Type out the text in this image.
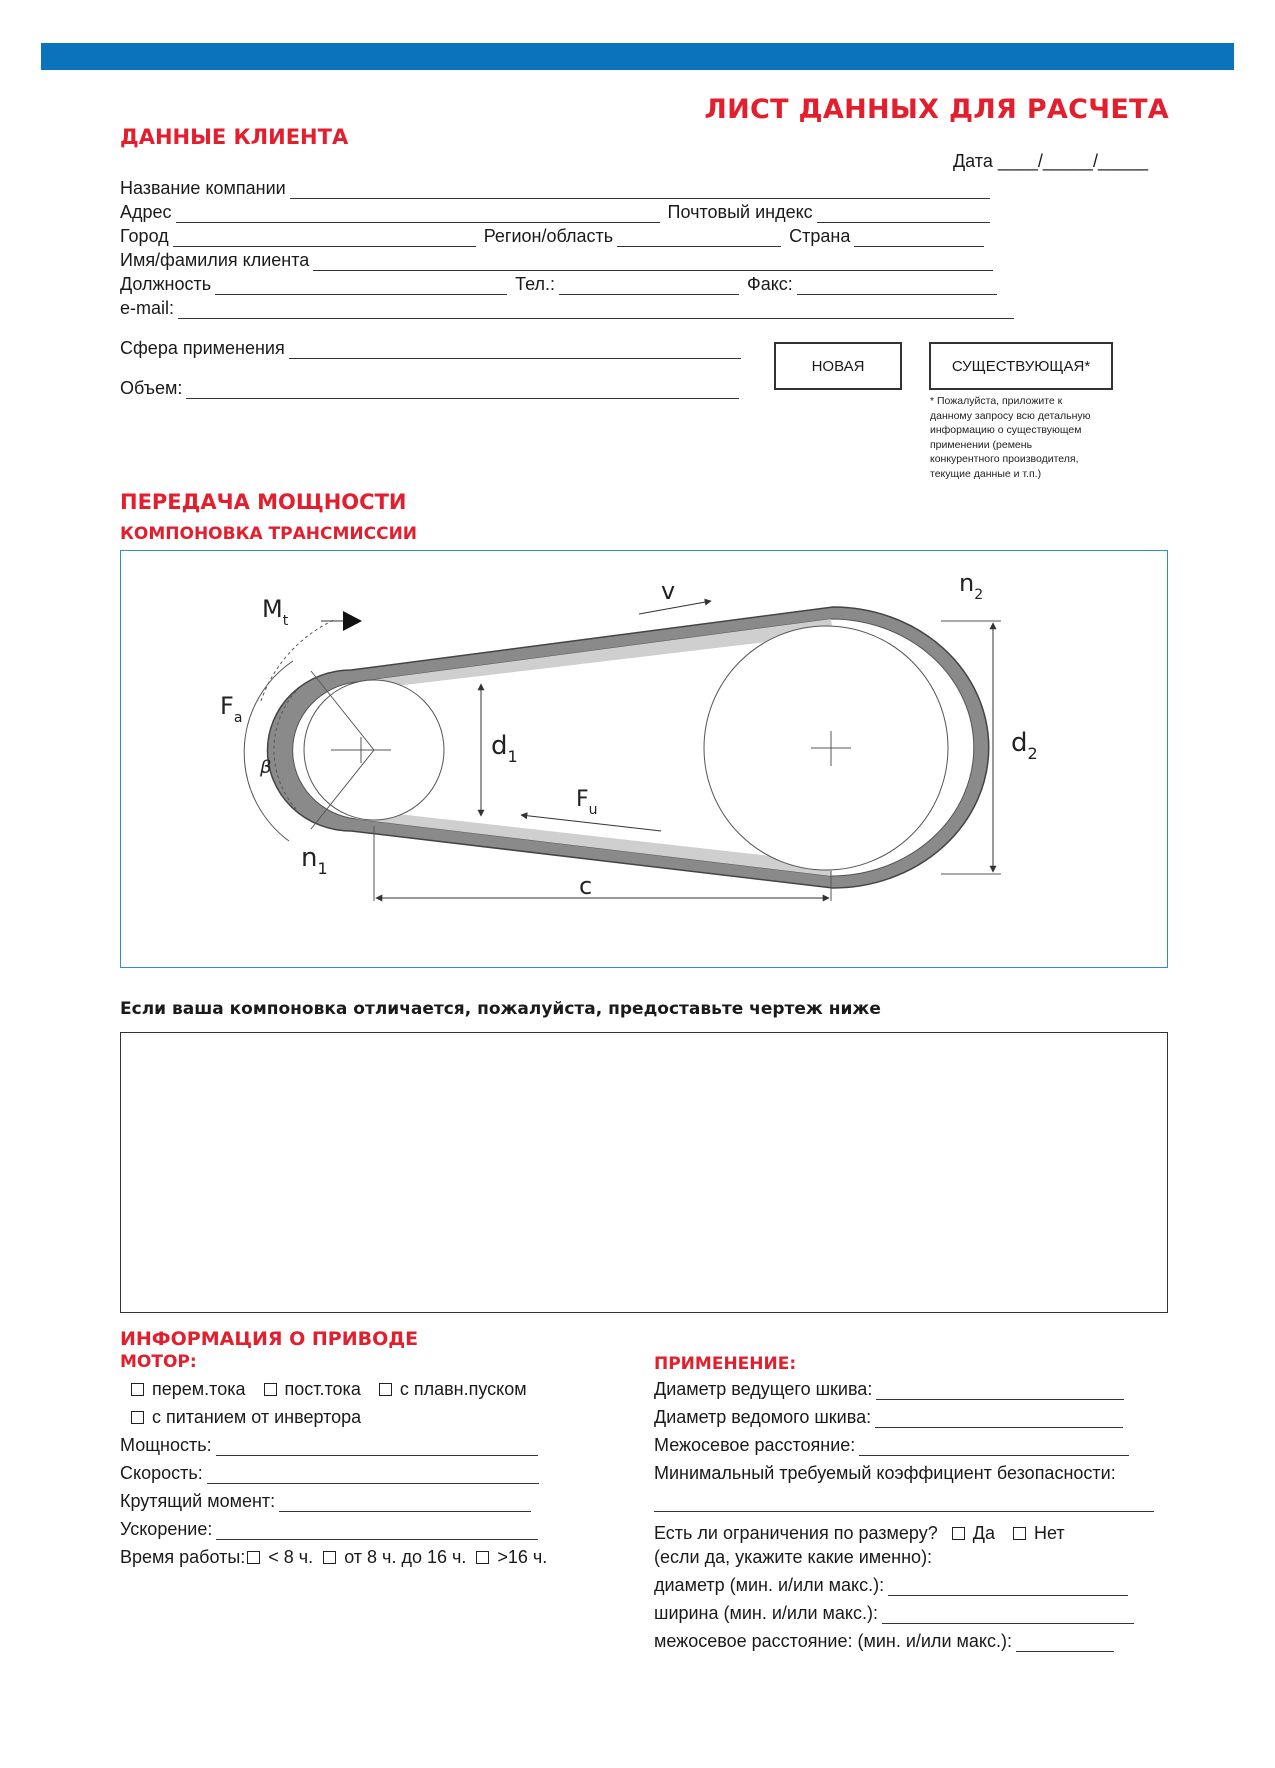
ЛИСТ ДАННЫХ ДЛЯ РАСЧЕТА
ДАННЫЕ КЛИЕНТА
Дата ____/_____/_____
Название компании
Адрес	Почтовый индекс
Город	Регион/область	Страна
Имя/фамилия клиента
Должность	Тел.:	Факс:
e-mail:
Сфера применения
Объем:
НОВАЯ	СУЩЕСТВУЮЩАЯ*
* Пожалуйста, приложите к данному запросу всю детальную информацию о существующем применении (ремень конкурентного производителя, текущие данные и т.п.)
ПЕРЕДАЧА МОЩНОСТИ
КОМПОНОВКА ТРАНСМИССИИ
$M_t$
v	$n_2$
$F_a$
β
$d_1$	$d_2$
$F_u$
$n_1$
c
Если ваша компоновка отличается, пожалуйста, предоставьте чертеж ниже
ИНФОРМАЦИЯ О ПРИВОДЕ
МОТОР:
перем.тока пост.тока с плавн.пуском
с питанием от инвертора
Мощность:
Скорость:
Крутящий момент:
Ускорение:
Время работы: < 8 ч. от 8 ч. до 16 ч. >16 ч.
ПРИМЕНЕНИЕ:
Диаметр ведущего шкива:
Диаметр ведомого шкива:
Межосевое расстояние:
Минимальный требуемый коэффициент безопасности:
Есть ли ограничения по размеру? Да Нет
(если да, укажите какие именно):
диаметр (мин. и/или макс.):
ширина (мин. и/или макс.):
межосевое расстояние: (мин. и/или макс.):
